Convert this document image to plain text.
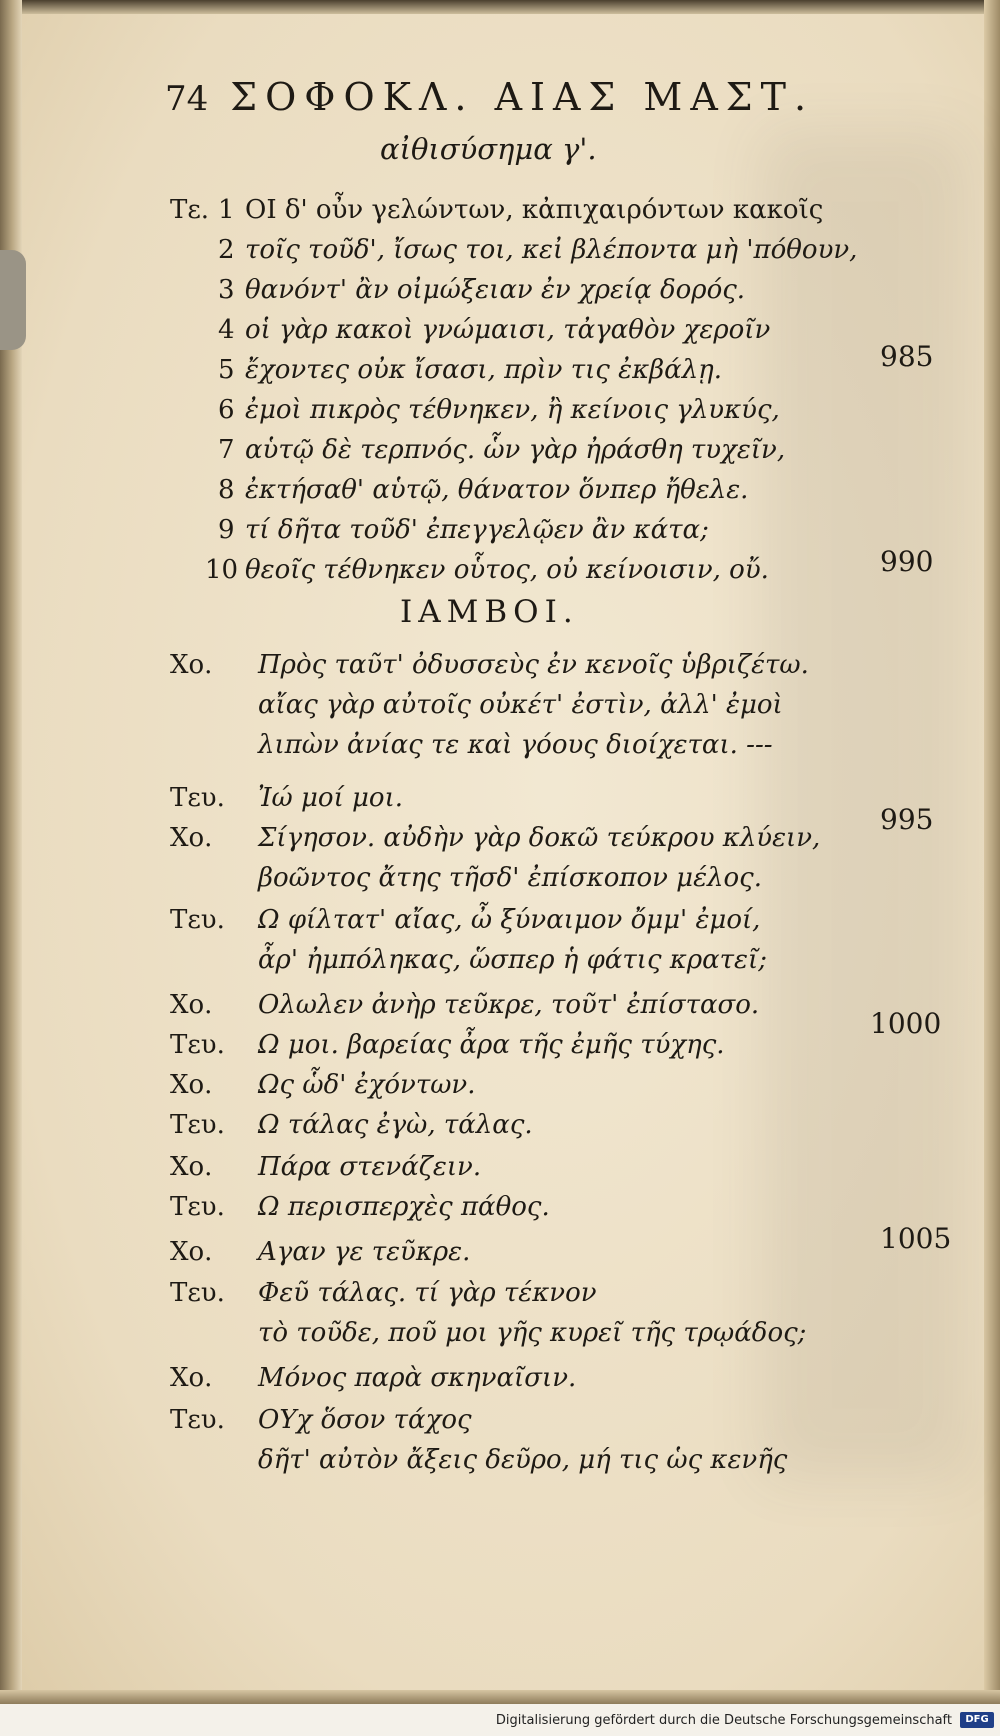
74 ΣΟΦΟΚΛ. ΑΙΑΣ ΜΑΣΤ.
αἰθισύσημα γ'.
Τε. 1 ΟΙ δ' οὖν γελώντων, κἀπιχαιρόντων κακοῖς
2 τοῖς τοῦδ', ἴσως τοι, κεἰ βλέποντα μὴ 'πόθουν,
3 θανόντ' ἂν οἰμώξειαν ἐν χρείᾳ δορός.
4 οἱ γὰρ κακοὶ γνώμαισι, τἀγαθὸν χεροῖν
5 ἔχοντες οὐκ ἴσασι, πρὶν τις ἐκβάλῃ.
6 ἐμοὶ πικρὸς τέθνηκεν, ἢ κείνοις γλυκύς,
7 αὑτῷ δὲ τερπνός. ὧν γὰρ ἠράσθη τυχεῖν,
8 ἐκτήσαθ' αὑτῷ, θάνατον ὅνπερ ἤθελε.
9 τί δῆτα τοῦδ' ἐπεγγελῷεν ἂν κάτα;
10 θεοῖς τέθνηκεν οὗτος, οὐ κείνοισιν, οὔ.
ΙΑΜΒΟΙ.
Χο. Πρὸς ταῦτ' ὀδυσσεὺς ἐν κενοῖς ὑβριζέτω.
αἴας γὰρ αὐτοῖς οὐκέτ' ἐστὶν, ἀλλ' ἐμοὶ
λιπὼν ἀνίας τε καὶ γόους διοίχεται. ---
Τευ. Ἰώ μοί μοι.
Χο. Σίγησον. αὐδὴν γὰρ δοκῶ τεύκρου κλύειν,
βοῶντος ἄτης τῆσδ' ἐπίσκοπον μέλος.
Τευ. Ω φίλτατ' αἴας, ὦ ξύναιμον ὄμμ' ἐμοί,
ἆρ' ἠμπόληκας, ὥσπερ ἡ φάτις κρατεῖ;
Χο. Ολωλεν ἀνὴρ τεῦκρε, τοῦτ' ἐπίστασο.
Τευ. Ω μοι. βαρείας ἆρα τῆς ἐμῆς τύχης.
Χο. Ως ὧδ' ἐχόντων.
Τευ. Ω τάλας ἐγὼ, τάλας.
Χο. Πάρα στενάζειν.
Τευ. Ω περισπερχὲς πάθος.
Χο. Αγαν γε τεῦκρε.
Τευ. Φεῦ τάλας. τί γὰρ τέκνον
τὸ τοῦδε, ποῦ μοι γῆς κυρεῖ τῆς τρῳάδος;
Χο. Μόνος παρὰ σκηναῖσιν.
Τευ. ΟΥχ ὅσον τάχος
δῆτ' αὐτὸν ἄξεις δεῦρο, μή τις ὡς κενῆς
985
990
995
1000
1005
Digitalisierung gefördert durch die Deutsche Forschungsgemeinschaft	DFG
